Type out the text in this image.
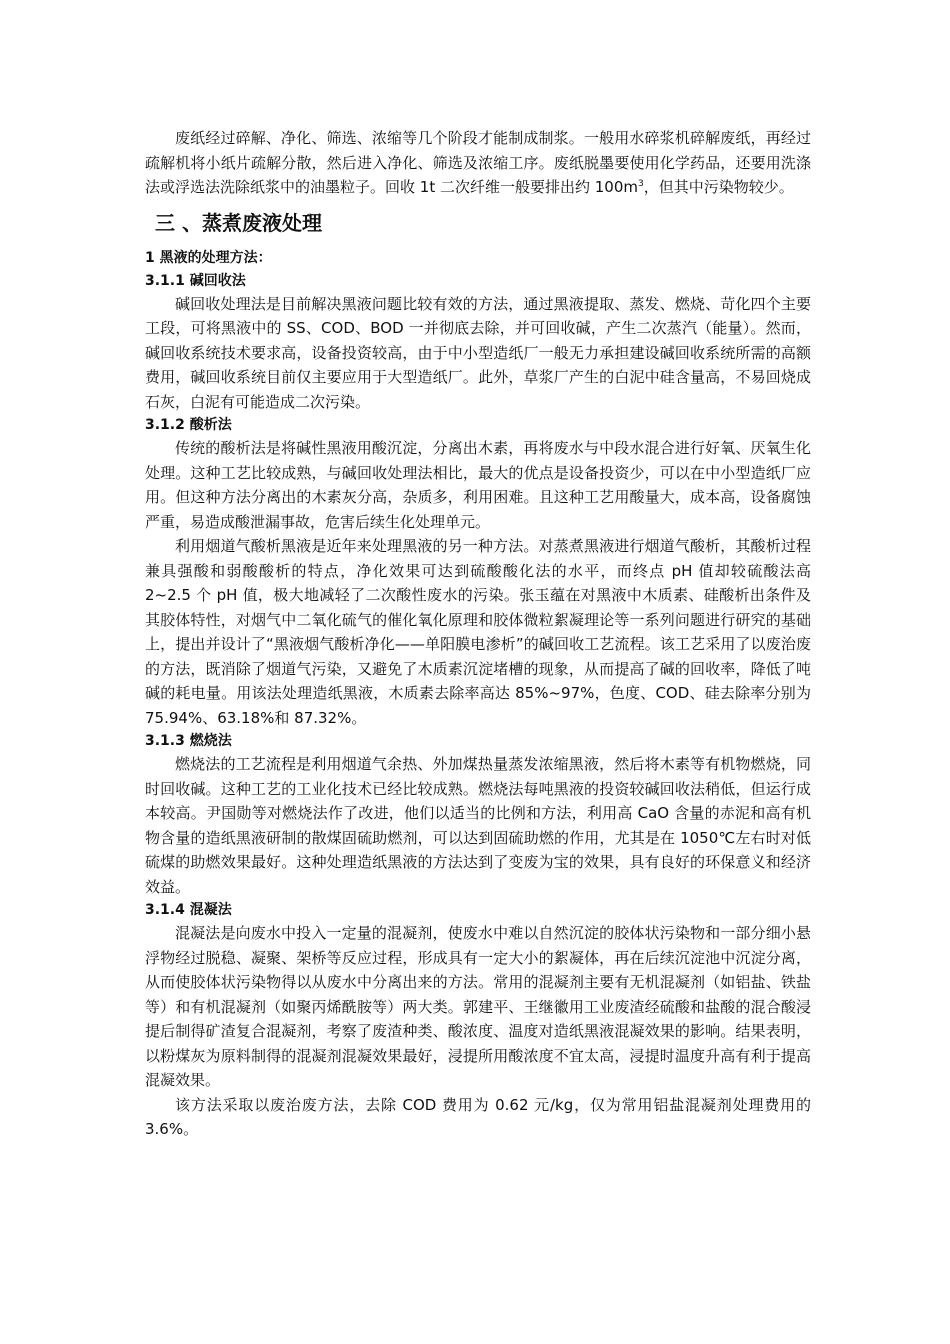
废纸经过碎解、净化、筛选、浓缩等几个阶段才能制成制浆。一般用水碎浆机碎解废纸，再经过疏解机将小纸片疏解分散，然后进入净化、筛选及浓缩工序。废纸脱墨要使用化学药品，还要用洗涤法或浮选法洗除纸浆中的油墨粒子。回收 1t 二次纤维一般要排出约 $100m^3$，但其中污染物较少。

三 、蒸煮废液处理
1 黑液的处理方法：
3.1.1 碱回收法

碱回收处理法是目前解决黑液问题比较有效的方法，通过黑液提取、蒸发、燃烧、苛化四个主要工段，可将黑液中的 SS、COD、BOD 一并彻底去除，并可回收碱，产生二次蒸汽（能量）。然而，碱回收系统技术要求高，设备投资较高，由于中小型造纸厂一般无力承担建设碱回收系统所需的高额费用，碱回收系统目前仅主要应用于大型造纸厂。此外，草浆厂产生的白泥中硅含量高，不易回烧成石灰，白泥有可能造成二次污染。

3.1.2 酸析法

传统的酸析法是将碱性黑液用酸沉淀，分离出木素，再将废水与中段水混合进行好氧、厌氧生化处理。这种工艺比较成熟，与碱回收处理法相比，最大的优点是设备投资少，可以在中小型造纸厂应用。但这种方法分离出的木素灰分高，杂质多，利用困难。且这种工艺用酸量大，成本高，设备腐蚀严重，易造成酸泄漏事故，危害后续生化处理单元。

利用烟道气酸析黑液是近年来处理黑液的另一种方法。对蒸煮黑液进行烟道气酸析，其酸析过程兼具强酸和弱酸酸析的特点，净化效果可达到硫酸酸化法的水平，而终点 pH 值却较硫酸法高 2~2.5 个 pH 值，极大地减轻了二次酸性废水的污染。张玉蕴在对黑液中木质素、硅酸析出条件及其胶体特性，对烟气中二氧化硫气的催化氧化原理和胶体微粒絮凝理论等一系列问题进行研究的基础上，提出并设计了“黑液烟气酸析净化——单阳膜电渗析”的碱回收工艺流程。该工艺采用了以废治废的方法，既消除了烟道气污染，又避免了木质素沉淀堵槽的现象，从而提高了碱的回收率，降低了吨碱的耗电量。用该法处理造纸黑液，木质素去除率高达 85%~97%，色度、COD、硅去除率分别为 75.94%、63.18%和 87.32%。

3.1.3 燃烧法

燃烧法的工艺流程是利用烟道气余热、外加煤热量蒸发浓缩黑液，然后将木素等有机物燃烧，同时回收碱。这种工艺的工业化技术已经比较成熟。燃烧法每吨黑液的投资较碱回收法稍低，但运行成本较高。尹国勋等对燃烧法作了改进，他们以适当的比例和方法，利用高 CaO 含量的赤泥和高有机物含量的造纸黑液研制的散煤固硫助燃剂，可以达到固硫助燃的作用，尤其是在 1050℃左右时对低硫煤的助燃效果最好。这种处理造纸黑液的方法达到了变废为宝的效果，具有良好的环保意义和经济效益。

3.1.4 混凝法

混凝法是向废水中投入一定量的混凝剂，使废水中难以自然沉淀的胶体状污染物和一部分细小悬浮物经过脱稳、凝聚、架桥等反应过程，形成具有一定大小的絮凝体，再在后续沉淀池中沉淀分离，从而使胶体状污染物得以从废水中分离出来的方法。常用的混凝剂主要有无机混凝剂（如铝盐、铁盐等）和有机混凝剂（如聚丙烯酰胺等）两大类。郭建平、王继徽用工业废渣经硫酸和盐酸的混合酸浸提后制得矿渣复合混凝剂，考察了废渣种类、酸浓度、温度对造纸黑液混凝效果的影响。结果表明，以粉煤灰为原料制得的混凝剂混凝效果最好，浸提所用酸浓度不宜太高，浸提时温度升高有利于提高混凝效果。

该方法采取以废治废方法，去除 COD 费用为 0.62 元/kg，仅为常用铝盐混凝剂处理费用的 3.6%。
